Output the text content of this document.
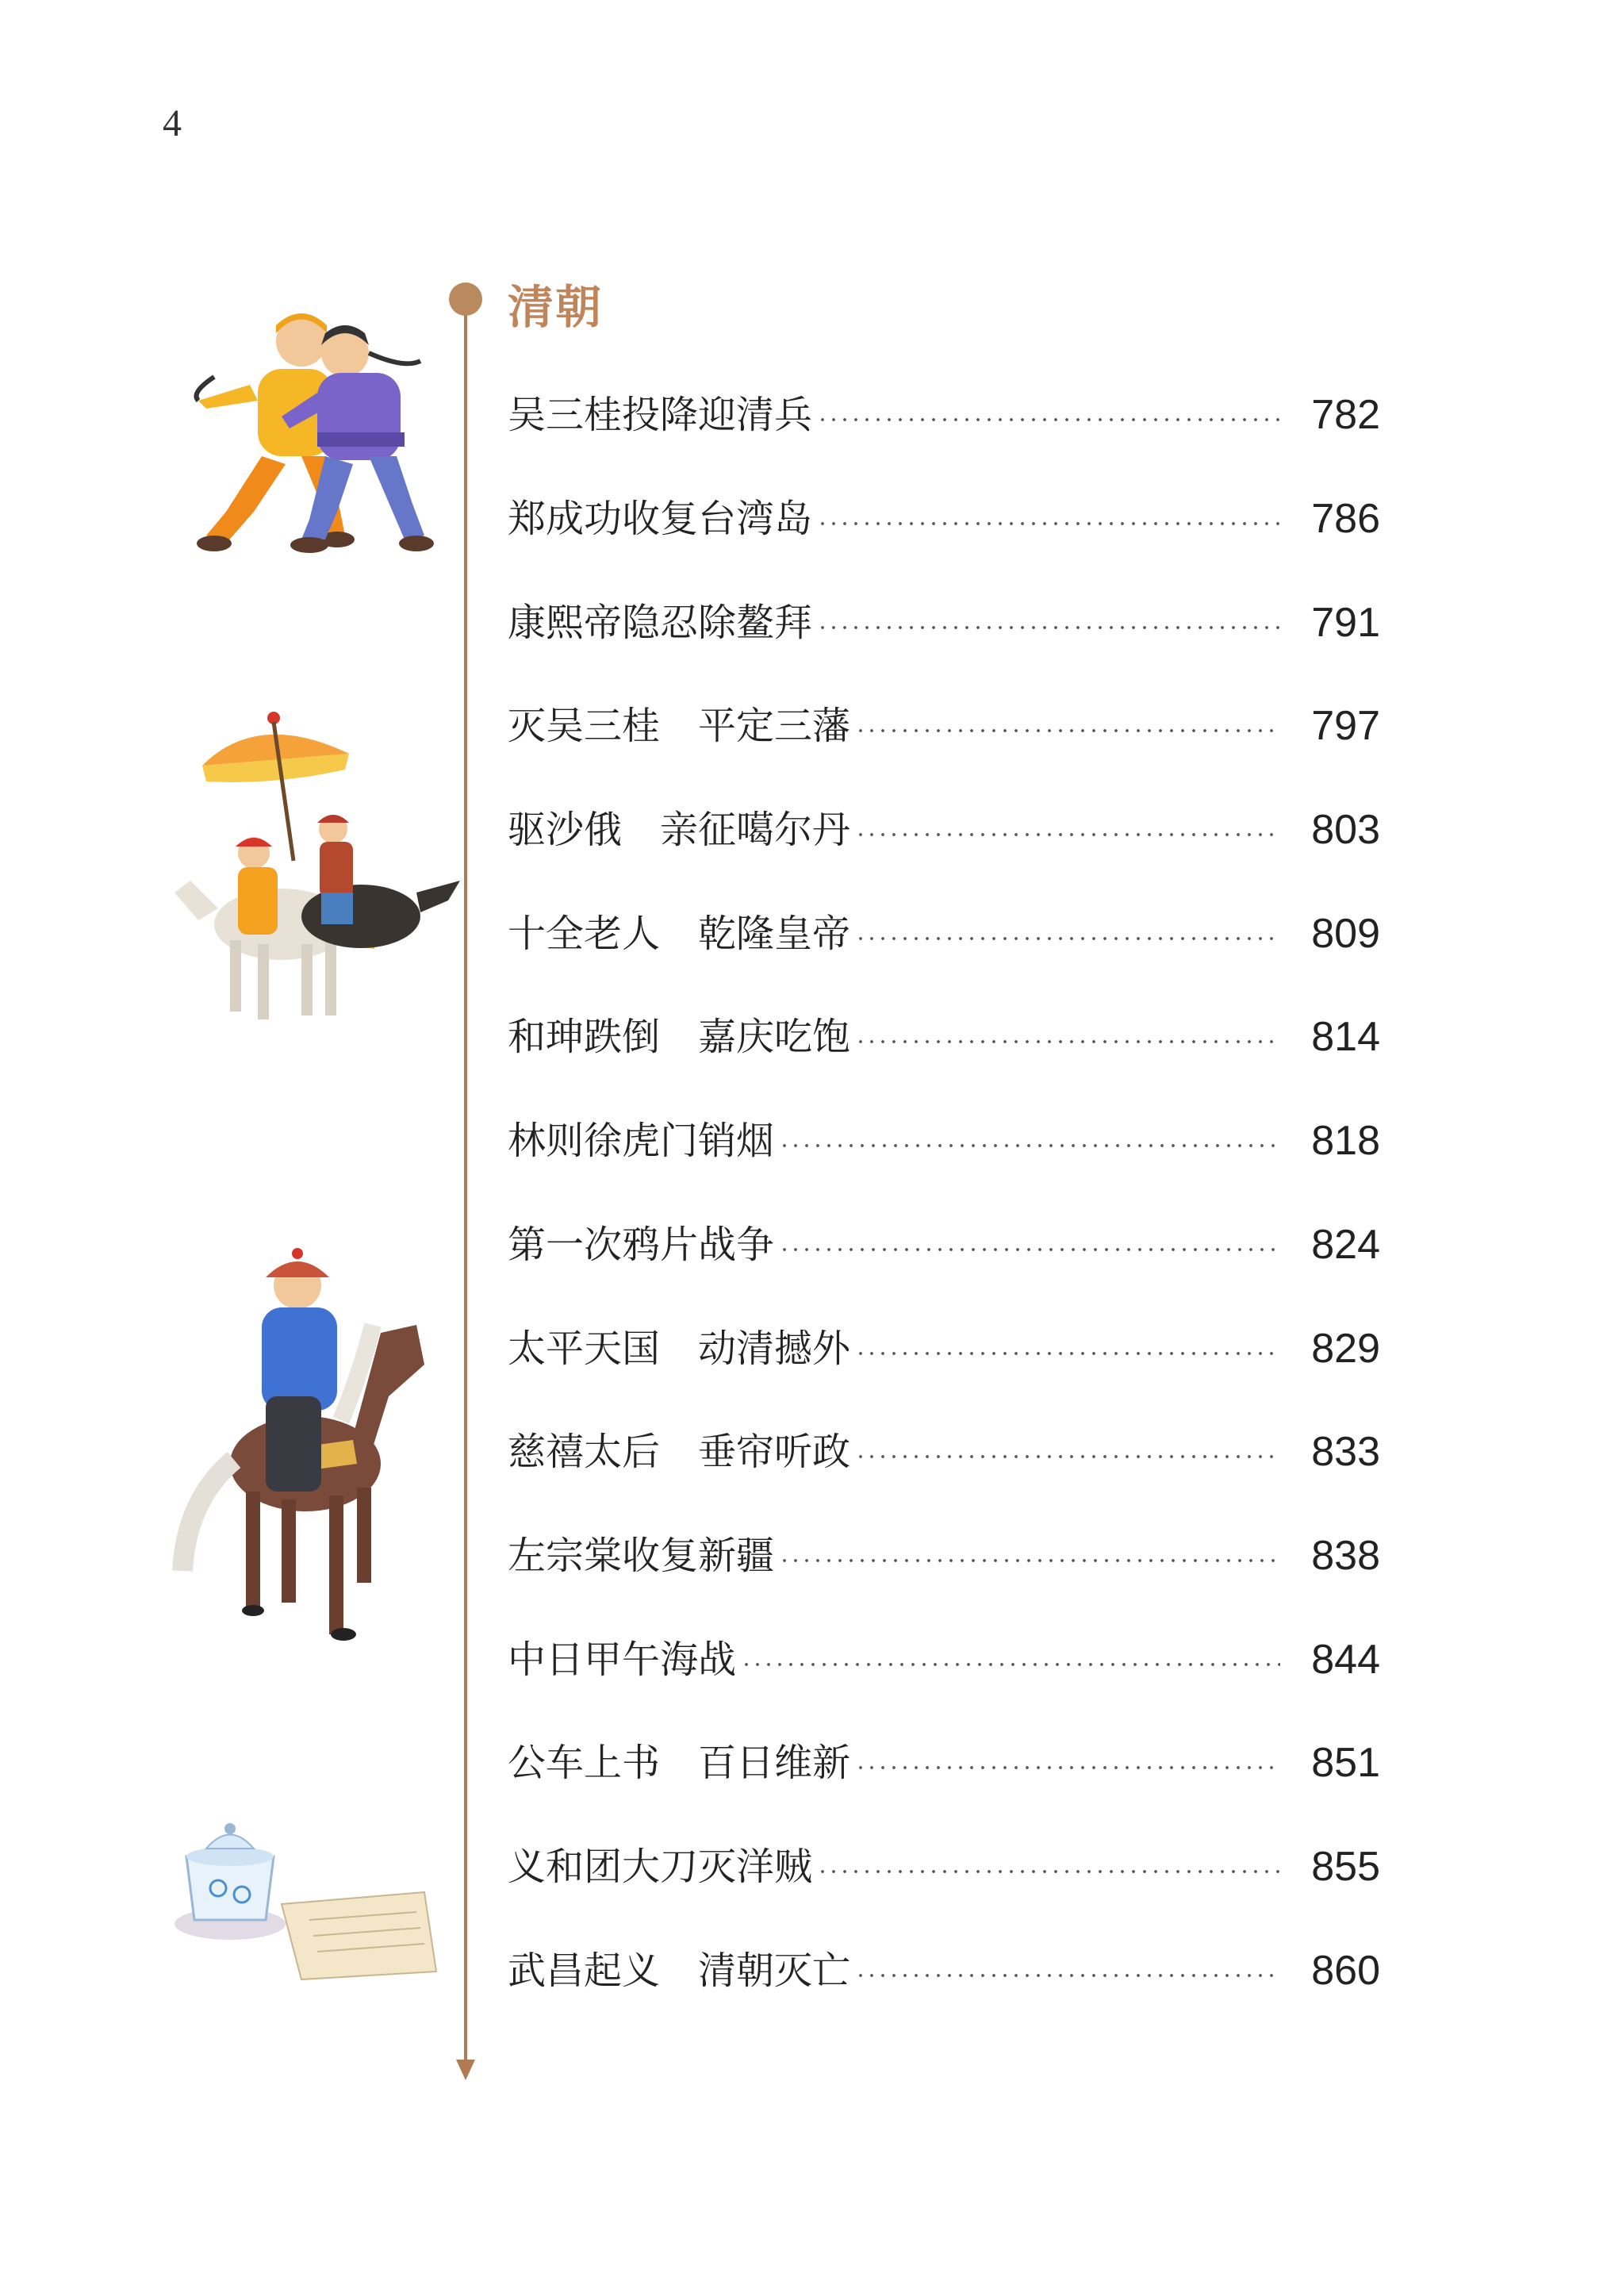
4
清朝
吴三桂投降迎清兵	782
郑成功收复台湾岛	786
康熙帝隐忍除鳌拜	791
灭吴三桂　平定三藩	797
驱沙俄　亲征噶尔丹	803
十全老人　乾隆皇帝	809
和珅跌倒　嘉庆吃饱	814
林则徐虎门销烟	818
第一次鸦片战争	824
太平天国　动清撼外	829
慈禧太后　垂帘听政	833
左宗棠收复新疆	838
中日甲午海战	844
公车上书　百日维新	851
义和团大刀灭洋贼	855
武昌起义　清朝灭亡	860
